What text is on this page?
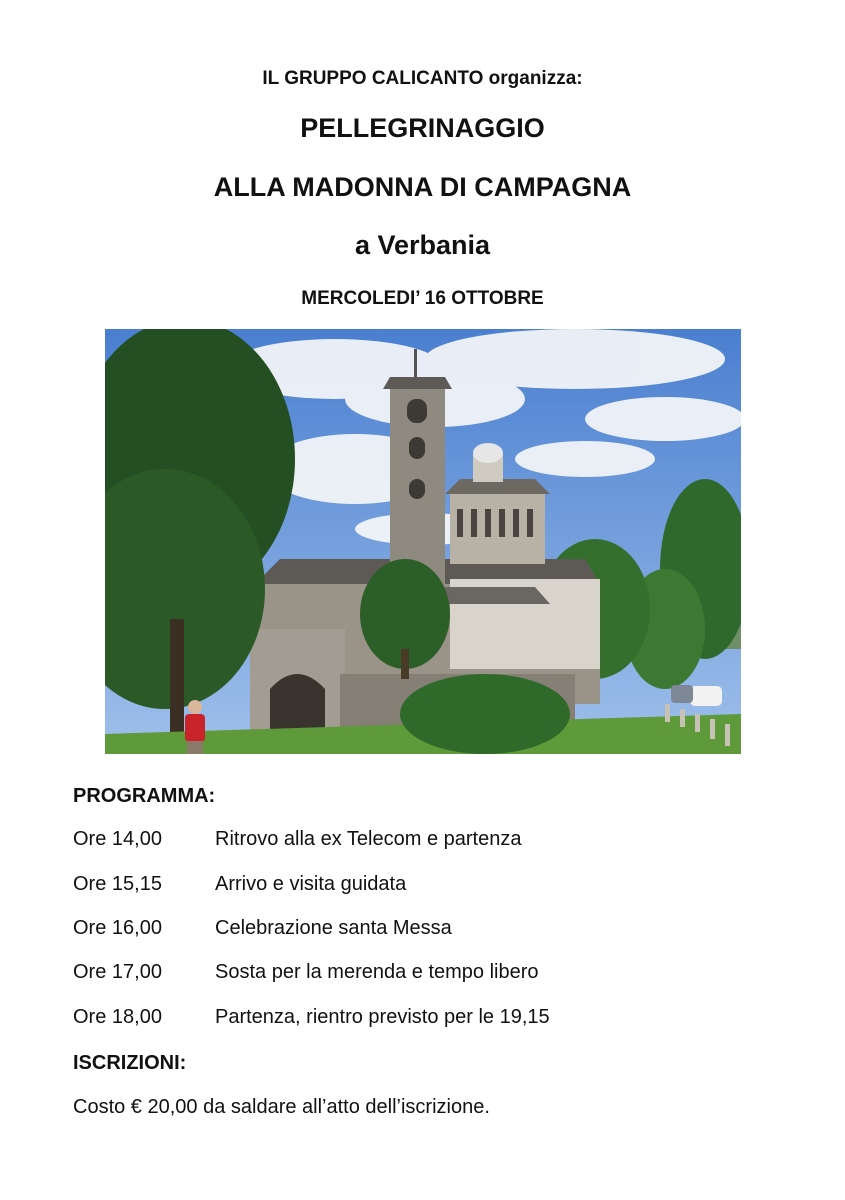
IL GRUPPO CALICANTO organizza:
PELLEGRINAGGIO
ALLA MADONNA DI CAMPAGNA
a Verbania
MERCOLEDI’ 16 OTTOBRE
PROGRAMMA:
Ore 14,00	Ritrovo alla ex Telecom e partenza
Ore 15,15	Arrivo e visita guidata
Ore 16,00	Celebrazione santa Messa
Ore 17,00	Sosta per la merenda e tempo libero
Ore 18,00	Partenza, rientro previsto per le 19,15
ISCRIZIONI:
Costo € 20,00 da saldare all’atto dell’iscrizione.
